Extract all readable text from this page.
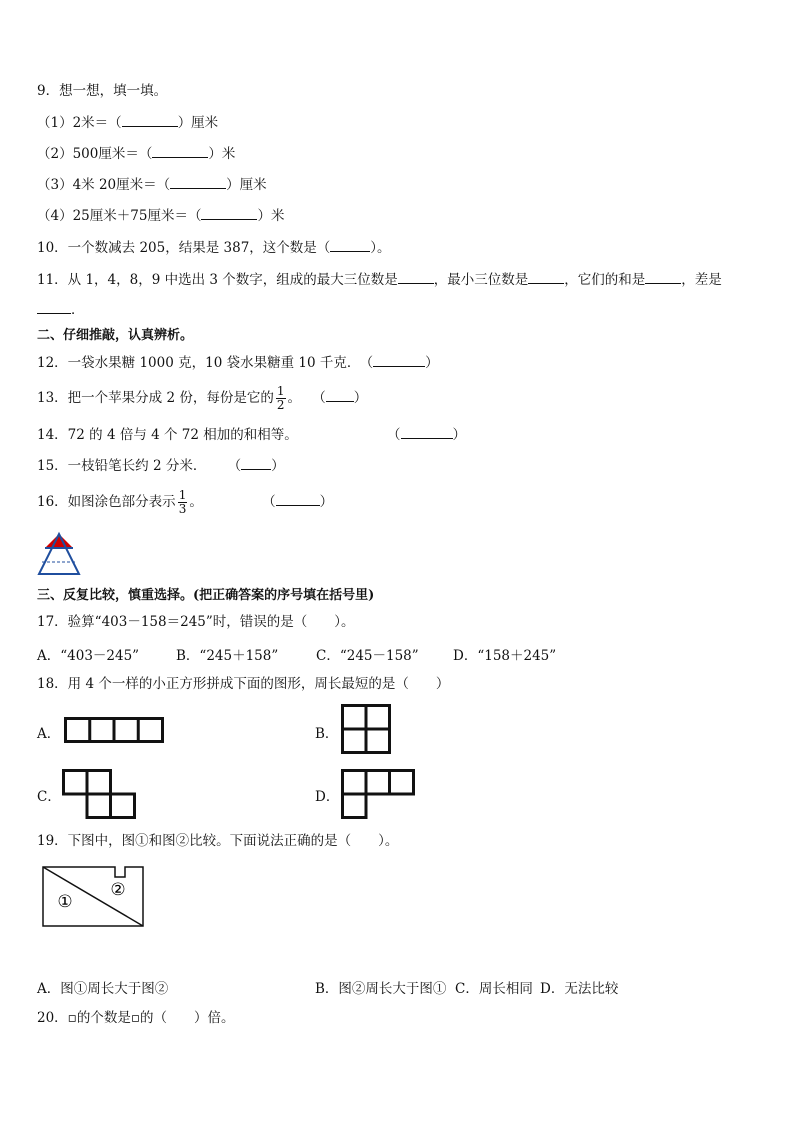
9．想一想，填一填。
（1）2米＝（	）厘米
（2）500厘米＝（	）米
（3）4米 20厘米＝（	）厘米
（4）25厘米＋75厘米＝（	）米
10．一个数减去 205，结果是 387，这个数是（	）。
11．从 1，4，8，9 中选出 3 个数字，组成的最大三位数是	，最小三位数是	，它们的和是	，差是
．
二、仔细推敲，认真辨析。
12．一袋水果糖 1000 克，10 袋水果糖重 10 千克． （	）
13．把一个苹果分成 2 份，每份是它的 $\frac{1}{2}$ 。 （ ）
14．72 的 4 倍与 4 个 72 相加的和相等。	（	）
15．一枝铅笔长约 2 分米． （ ）
16．如图涂色部分表示 $\frac{1}{3}$ 。	（	）
三、反复比较，慎重选择。(把正确答案的序号填在括号里)
17．验算“403－158＝245”时，错误的是（　　）。
A．“403－245”	B．“245＋158”	C．“245－158”	D．“158＋245”
18．用 4 个一样的小正方形拼成下面的图形，周长最短的是（　　）
A．	B．
C．	D．
19．下图中，图①和图②比较。下面说法正确的是（　　）。
①
②
A．图①周长大于图②	B．图②周长大于图① C．周长相同 D．无法比较
20．▫的个数是▫的（　　）倍。
